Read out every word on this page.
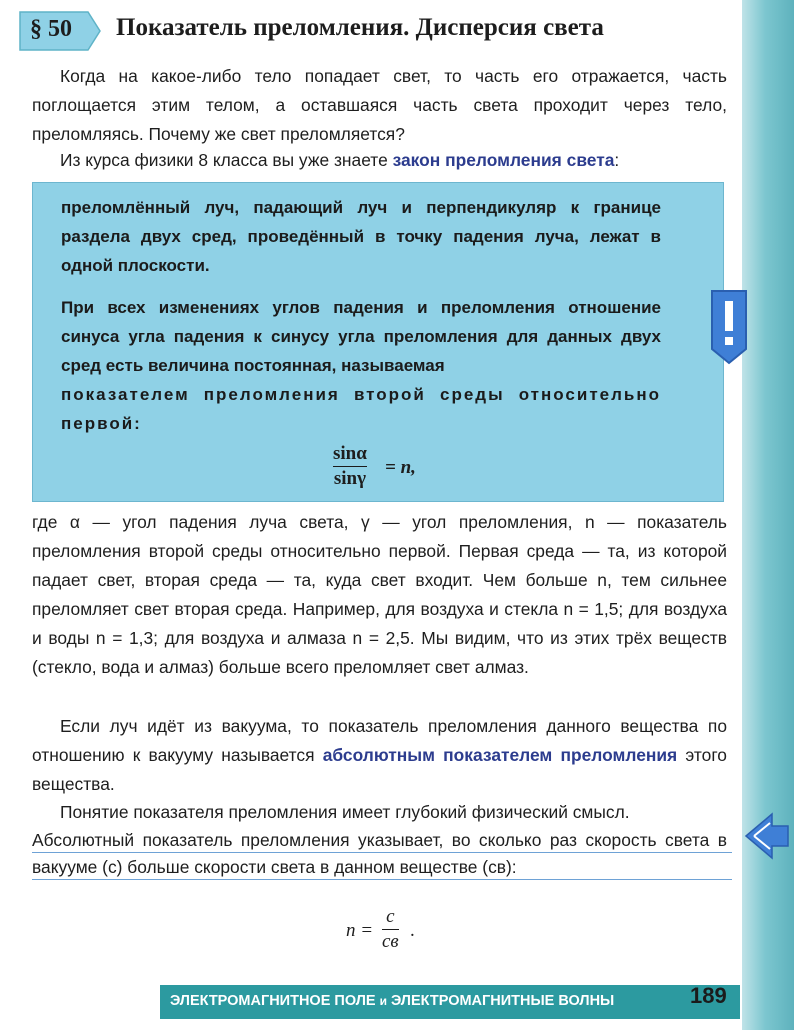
§ 50 Показатель преломления. Дисперсия света

Когда на какое-либо тело попадает свет, то часть его отражается, часть поглощается этим телом, а оставшаяся часть света проходит через тело, преломляясь. Почему же свет преломляется?

Из курса физики 8 класса вы уже знаете закон преломления света:

преломлённый луч, падающий луч и перпендикуляр к границе раздела двух сред, проведённый в точку падения луча, лежат в одной плоскости.

При всех изменениях углов падения и преломления отношение синуса угла падения к синусу угла преломления для данных двух сред есть величина постоянная, называемая

показателем преломления второй среды относительно первой:

sinα
sinγ
= n,

где α — угол падения луча света, γ — угол преломления, n — показатель преломления второй среды относительно первой. Первая среда — та, из которой падает свет, вторая среда — та, куда свет входит. Чем больше n, тем сильнее преломляет свет вторая среда. Например, для воздуха и стекла n = 1,5; для воздуха и воды n = 1,3; для воздуха и алмаза n = 2,5. Мы видим, что из этих трёх веществ (стекло, вода и алмаз) больше всего преломляет свет алмаз.

Если луч идёт из вакуума, то показатель преломления данного вещества по отношению к вакууму называется абсолютным показателем преломления этого вещества.

Понятие показателя преломления имеет глубокий физический смысл.

Абсолютный показатель преломления указывает, во сколько раз скорость света в вакууме (c) больше скорости света в данном веществе (cв):

n =
c
cв
.
ЭЛЕКТРОМАГНИТНОЕ ПОЛЕ и ЭЛЕКТРОМАГНИТНЫЕ ВОЛНЫ	189
